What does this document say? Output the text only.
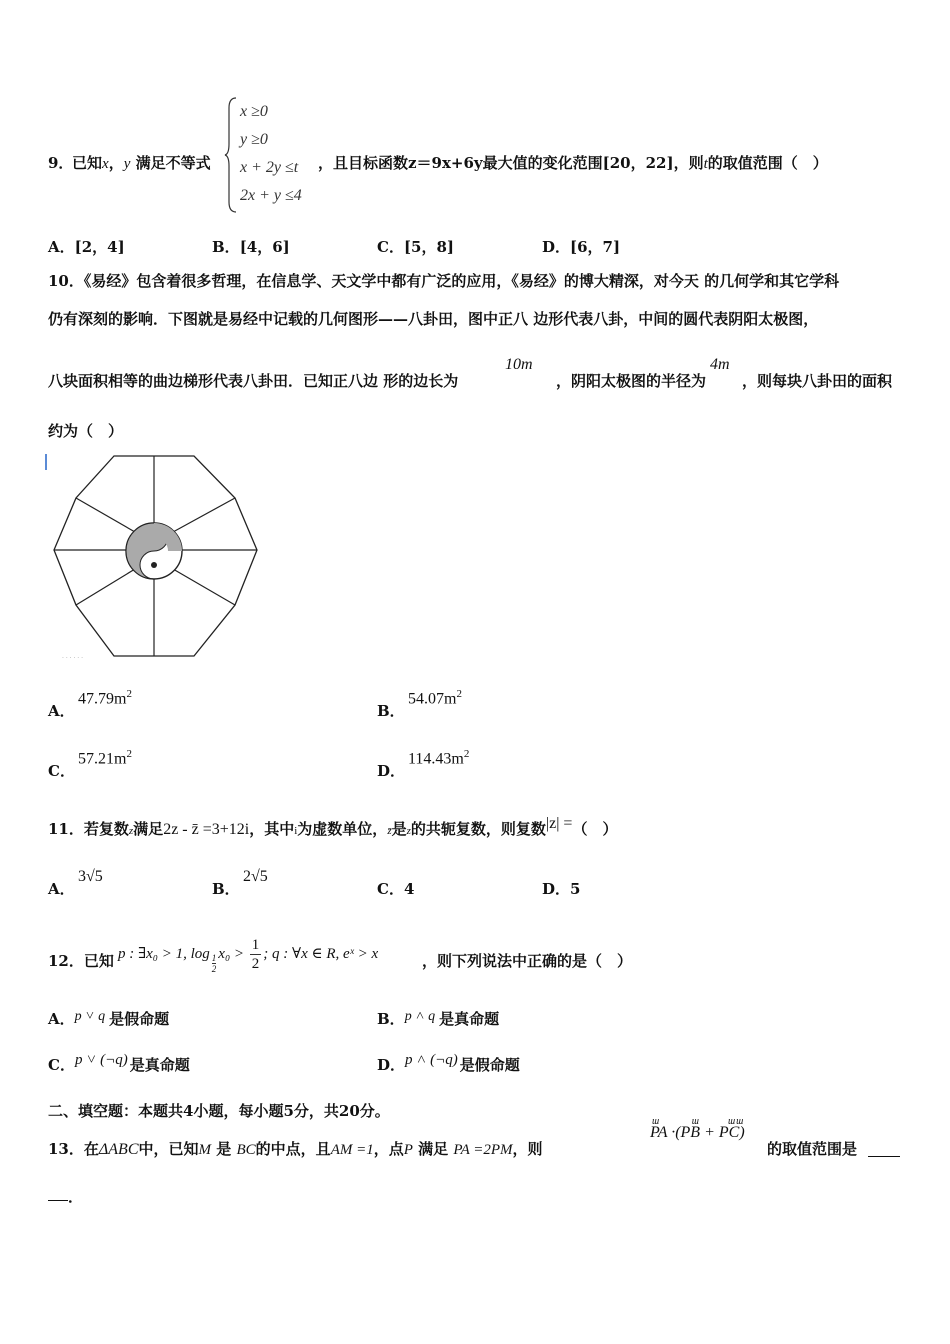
9．
已知x，y 满足不等式
x ≥0
y ≥0
x + 2y ≤t
2x + y ≤4
，且目标函数z＝9x+6y最大值的变化范围[20，22]，则t的取值范围（　）
A．[2，4]	B．[4，6]	C．[5，8]	D．[6，7]
10．《易经》包含着很多哲理，在信息学、天文学中都有广泛的应用，《易经》的博大精深，对今天 的几何学和其它学科
仍有深刻的影响．下图就是易经中记载的几何图形——八卦田，图中正八 边形代表八卦，中间的圆代表阴阳太极图，
八块面积相等的曲边梯形代表八卦田．已知正八边 形的边长为
10m
，阴阳太极图的半径为
4m
，则每块八卦田的面积
约为（　）
· · · · · ·
A．
$47.79m^2$
B．
$54.07m^2$
C．
$57.21m^2$
D．
$114.43m^2$
11．若复数z满足2z - z̄ =3+12i，其中i为虚数单位，z̄是z的共轭复数，则复数|z| =（　）
A．
3√5
B．
2√5
C．4	D．5
12．已知 p : ∃x₀ > 1, $\log \frac{1}{2} x_0 > \frac{1}{2}$ ; q : ∀x ∈ R, eˣ > x	，则下列说法中正确的是（　）
A．p ˅ q 是假命题	B．p ˄ q 是真命题
C．p ˅ (¬q) 是真命题	D．p ˄ (¬q) 是假命题
二、填空题：本题共4小题，每小题5分，共20分。
13．在ΔABC中，已知M 是 BC的中点，且AM =1，点P 满足 PA =2PM，则
ɯ         ɯ        ɯɯ
PA ·(PB + PC)
的取值范围是
．
